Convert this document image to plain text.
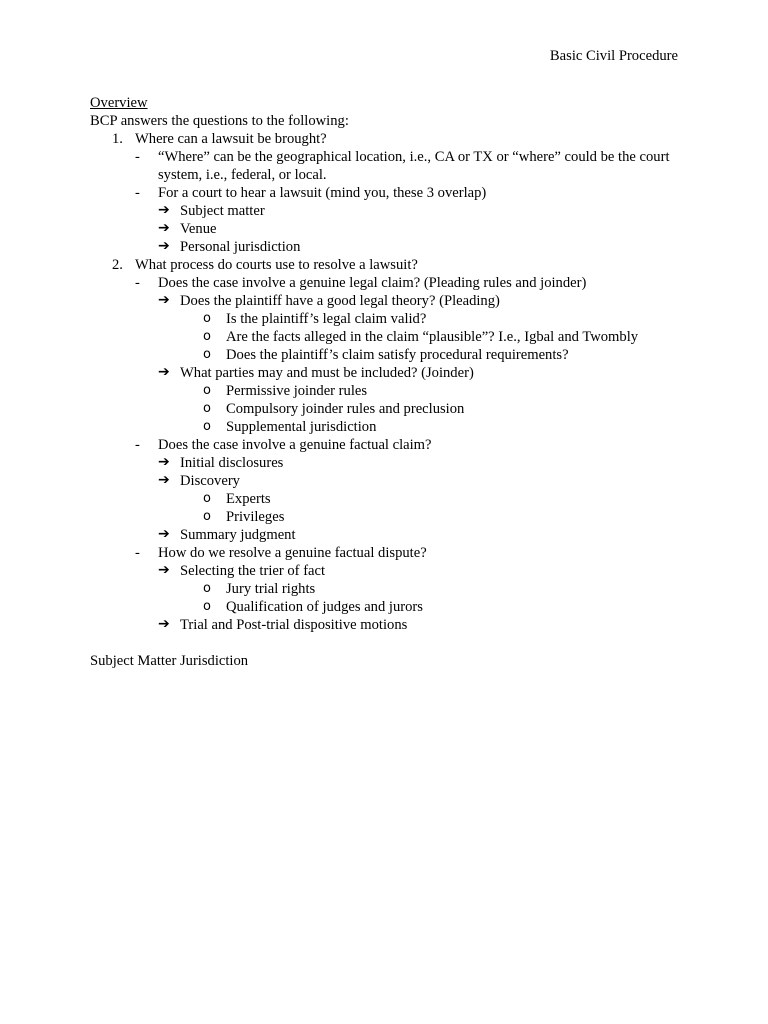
Basic Civil Procedure
Overview
BCP answers the questions to the following:
1. Where can a lawsuit be brought?
- “Where” can be the geographical location, i.e., CA or TX or “where” could be the court system, i.e., federal, or local.
- For a court to hear a lawsuit (mind you, these 3 overlap)
➔ Subject matter
➔ Venue
➔ Personal jurisdiction
2. What process do courts use to resolve a lawsuit?
- Does the case involve a genuine legal claim? (Pleading rules and joinder)
➔ Does the plaintiff have a good legal theory? (Pleading)
o Is the plaintiff’s legal claim valid?
o Are the facts alleged in the claim “plausible”? I.e., Igbal and Twombly
o Does the plaintiff’s claim satisfy procedural requirements?
➔ What parties may and must be included? (Joinder)
o Permissive joinder rules
o Compulsory joinder rules and preclusion
o Supplemental jurisdiction
- Does the case involve a genuine factual claim?
➔ Initial disclosures
➔ Discovery
o Experts
o Privileges
➔ Summary judgment
- How do we resolve a genuine factual dispute?
➔ Selecting the trier of fact
o Jury trial rights
o Qualification of judges and jurors
➔ Trial and Post-trial dispositive motions
Subject Matter Jurisdiction
